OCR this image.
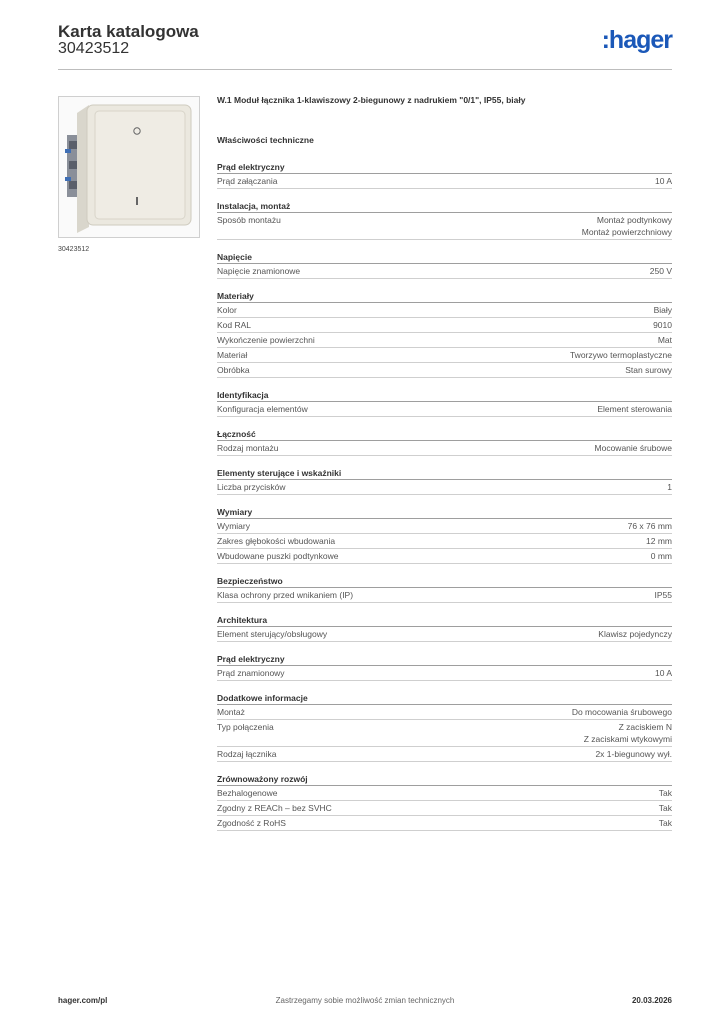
Karta katalogowa
30423512	:hager
30423512
W.1 Moduł łącznika 1-klawiszowy 2-biegunowy z nadrukiem "0/1", IP55, biały
Właściwości techniczne
Prąd elektryczny
Prąd załączania	10 A
Instalacja, montaż
Sposób montażu	Montaż podtynkowy
Montaż powierzchniowy
Napięcie
Napięcie znamionowe	250 V
Materiały
Kolor	Biały
Kod RAL	9010
Wykończenie powierzchni	Mat
Materiał	Tworzywo termoplastyczne
Obróbka	Stan surowy
Identyfikacja
Konfiguracja elementów	Element sterowania
Łączność
Rodzaj montażu	Mocowanie śrubowe
Elementy sterujące i wskaźniki
Liczba przycisków	1
Wymiary
Wymiary	76 x 76 mm
Zakres głębokości wbudowania	12 mm
Wbudowane puszki podtynkowe	0 mm
Bezpieczeństwo
Klasa ochrony przed wnikaniem (IP)	IP55
Architektura
Element sterujący/obsługowy	Klawisz pojedynczy
Prąd elektryczny
Prąd znamionowy	10 A
Dodatkowe informacje
Montaż	Do mocowania śrubowego
Typ połączenia	Z zaciskiem N
Z zaciskami wtykowymi
Rodzaj łącznika	2x 1-biegunowy wył.
Zrównoważony rozwój
Bezhalogenowe	Tak
Zgodny z REACh – bez SVHC	Tak
Zgodność z RoHS	Tak
hager.com/pl	Zastrzegamy sobie możliwość zmian technicznych	20.03.2026
